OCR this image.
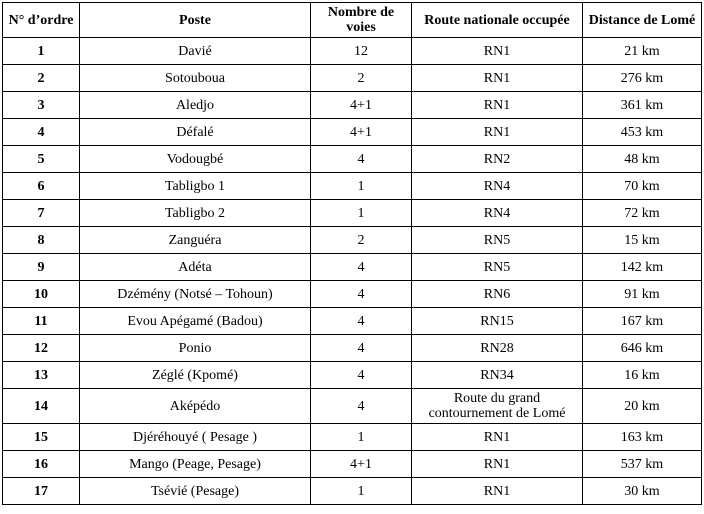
N° d’ordre	Poste	Nombre de voies	Route nationale occupée	Distance de Lomé
1	Davié	12	RN1	21 km
2	Sotouboua	2	RN1	276 km
3	Aledjo	4+1	RN1	361 km
4	Défalé	4+1	RN1	453 km
5	Vodougbé	4	RN2	48 km
6	Tabligbo 1	1	RN4	70 km
7	Tabligbo 2	1	RN4	72 km
8	Zanguéra	2	RN5	15 km
9	Adéta	4	RN5	142 km
10	Dzémény (Notsé – Tohoun)	4	RN6	91 km
11	Evou Apégamé (Badou)	4	RN15	167 km
12	Ponio	4	RN28	646 km
13	Zéglé (Kpomé)	4	RN34	16 km
14	Aképédo	4	Route du grand contournement de Lomé	20 km
15	Djéréhouyé ( Pesage )	1	RN1	163 km
16	Mango (Peage, Pesage)	4+1	RN1	537 km
17	Tsévié (Pesage)	1	RN1	30 km
